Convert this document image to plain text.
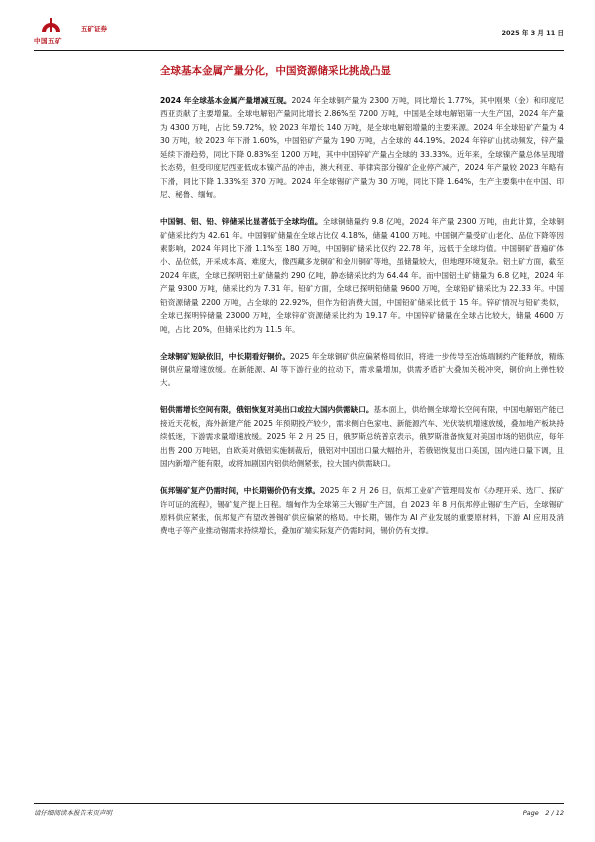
中国五矿
五矿证券	2025 年 3 月 11 日
全球基本金属产量分化，中国资源储采比挑战凸显

2024 年全球基本金属产量增减互现。2024 年全球铜产量为 2300 万吨，同比增长 1.77%，其中刚果（金）和印度尼西亚贡献了主要增量。全球电解铝产量同比增长 2.86%至 7200 万吨，中国是全球电解铝第一大生产国，2024 年产量为 4300 万吨，占比 59.72%，较 2023 年增长 140 万吨，是全球电解铝增量的主要来源。2024 年全球铅矿产量为 430 万吨，较 2023 年下滑 1.60%，中国铅矿产量为 190 万吨，占全球的 44.19%。2024 年锌矿山扰动频发，锌产量延续下滑趋势，同比下降 0.83%至 1200 万吨，其中中国锌矿产量占全球的 33.33%。近年来，全球镍产量总体呈现增长态势，但受印度尼西亚低成本镍产品的冲击，澳大利亚、菲律宾部分镍矿企业停产减产，2024 年产量较 2023 年略有下滑，同比下降 1.33%至 370 万吨。2024 年全球锡矿产量为 30 万吨，同比下降 1.64%，生产主要集中在中国、印尼、秘鲁、缅甸。

中国铜、铝、铅、锌储采比显著低于全球均值。全球铜储量约 9.8 亿吨，2024 年产量 2300 万吨，由此计算，全球铜矿储采比约为 42.61 年。中国铜矿储量在全球占比仅 4.18%，储量 4100 万吨。中国铜产量受矿山老化、品位下降等因素影响，2024 年同比下滑 1.1%至 180 万吨，中国铜矿储采比仅约 22.78 年，远低于全球均值。中国铜矿普遍矿体小、品位低，开采成本高、难度大，像西藏多龙铜矿和金川铜矿等地，虽储量较大，但地理环境复杂。铝土矿方面，截至 2024 年底，全球已探明铝土矿储量约 290 亿吨，静态储采比约为 64.44 年。而中国铝土矿储量为 6.8 亿吨，2024 年产量 9300 万吨，储采比约为 7.31 年。铅矿方面，全球已探明铅储量 9600 万吨，全球铅矿储采比为 22.33 年。中国铅资源储量 2200 万吨，占全球的 22.92%，但作为铅消费大国，中国铅矿储采比低于 15 年。锌矿情况与铅矿类似，全球已探明锌储量 23000 万吨，全球锌矿资源储采比约为 19.17 年。中国锌矿储量在全球占比较大，储量 4600 万吨，占比 20%，但储采比约为 11.5 年。

全球铜矿短缺依旧，中长期看好铜价。2025 年全球铜矿供应偏紧格局依旧，将进一步传导至冶炼端制约产能释放，精炼铜供应量增速放缓。在新能源、AI 等下游行业的拉动下，需求量增加，供需矛盾扩大叠加关税冲突，铜价向上弹性较大。

铝供需增长空间有限，俄铝恢复对美出口或拉大国内供需缺口。基本面上，供给侧全球增长空间有限，中国电解铝产能已接近天花板，海外新建产能 2025 年预期投产较少，需求侧白色家电、新能源汽车、光伏装机增速放缓，叠加地产板块持续低迷，下游需求量增速放缓。2025 年 2 月 25 日，俄罗斯总统普京表示，俄罗斯准备恢复对美国市场的铝供应，每年出售 200 万吨铝，自欧美对俄铝实施制裁后，俄铝对中国出口量大幅抬升，若俄铝恢复出口美国，国内进口量下调，且国内新增产能有限，或将加剧国内铝供给侧紧张，拉大国内供需缺口。

佤邦锡矿复产仍需时间，中长期锡价仍有支撑。2025 年 2 月 26 日，佤邦工业矿产管理局发布《办理开采、选厂、探矿许可证的流程》，锡矿复产提上日程。缅甸作为全球第三大锡矿生产国，自 2023 年 8 月佤邦停止锡矿生产后，全球锡矿原料供应紧张，佤邦复产有望改善锡矿供应偏紧的格局。中长期，锡作为 AI 产业发展的重要原材料，下游 AI 应用及消费电子等产业推动锡需求持续增长，叠加矿端实际复产仍需时间，锡价仍有支撑。

请仔细阅读本报告末页声明	Page　2 / 12
